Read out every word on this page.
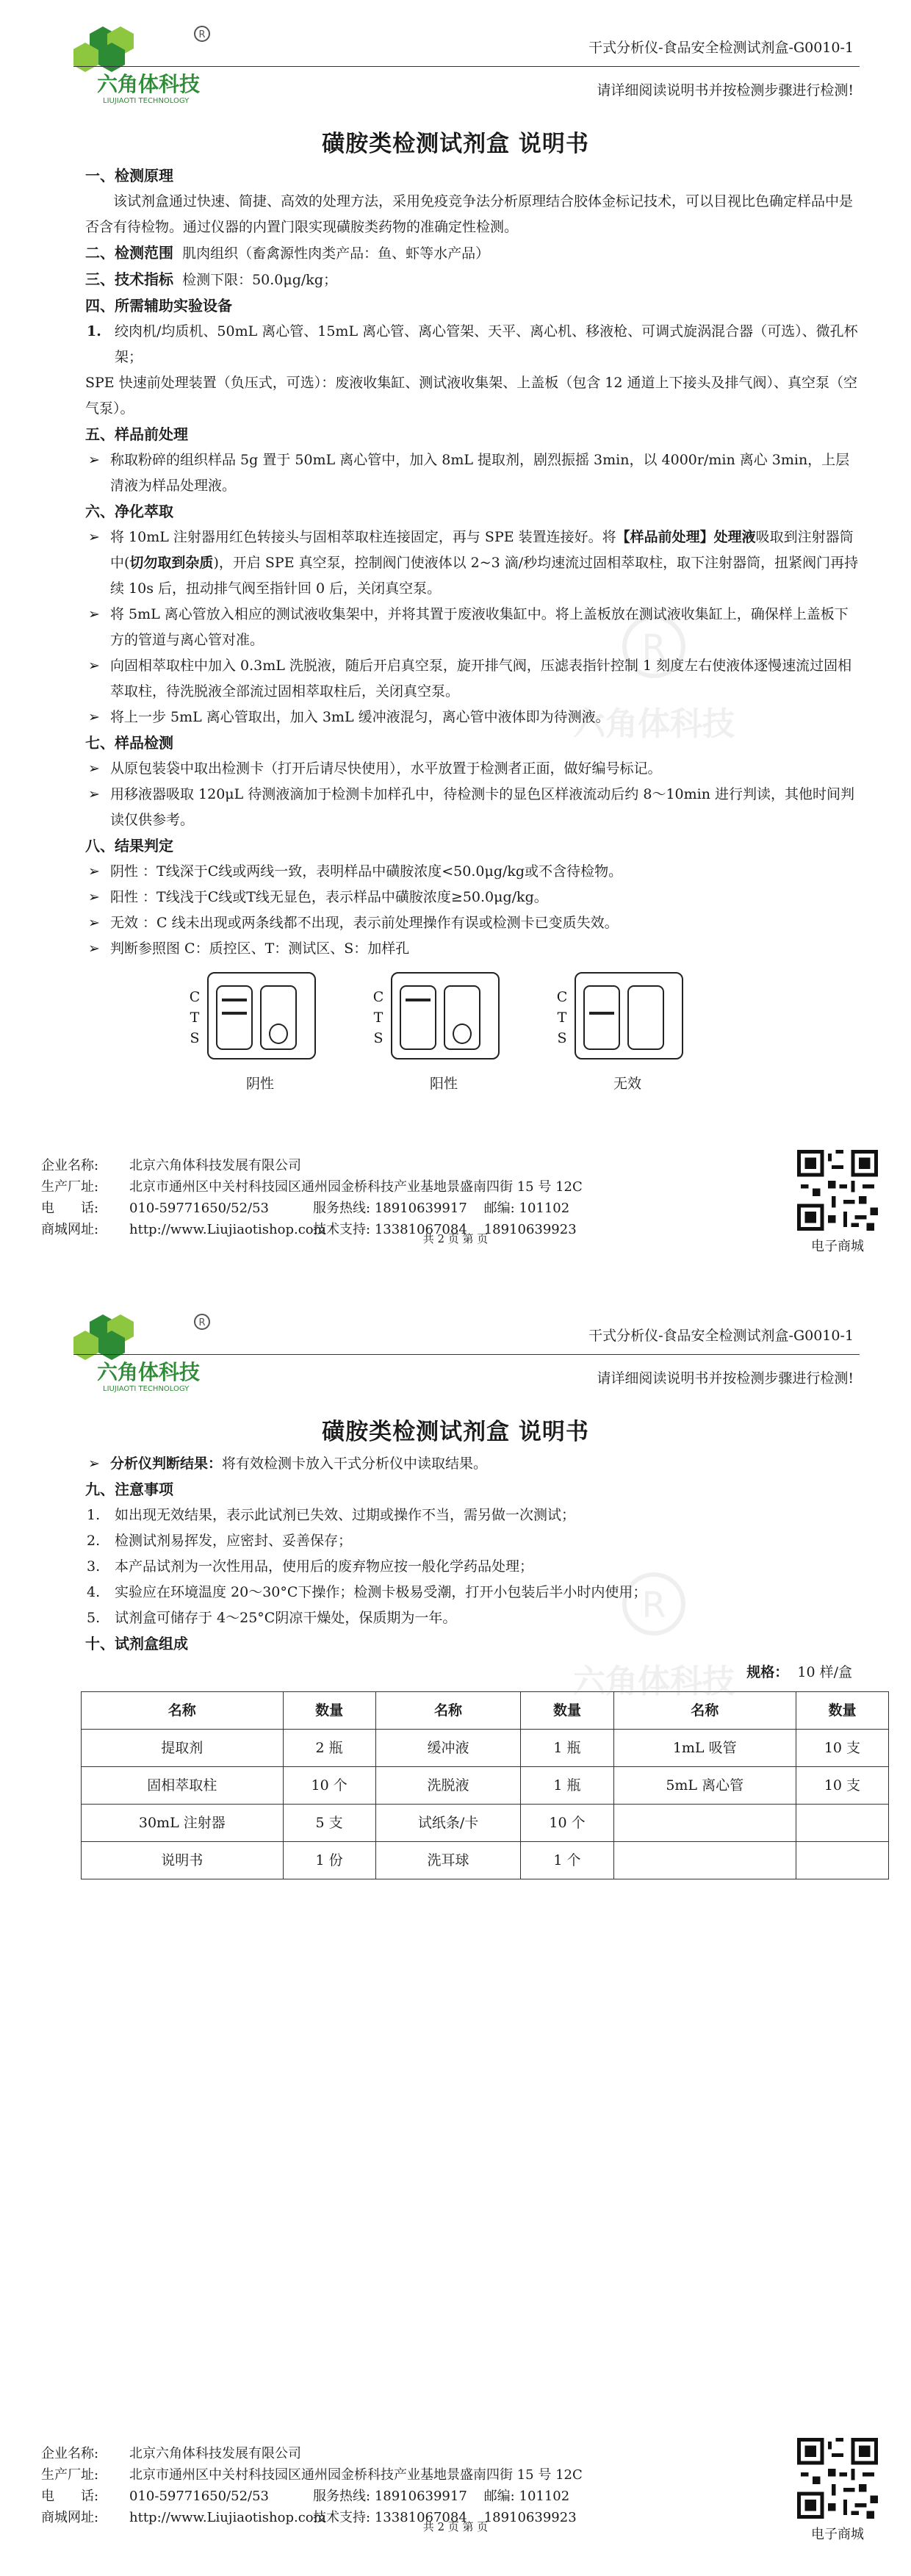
R
六角体科技
LIUJIAOTI TECHNOLOGY
干式分析仪-食品安全检测试剂盒-G0010-1
请详细阅读说明书并按检测步骤进行检测!
磺胺类检测试剂盒 说明书
R
六角体科技

一、检测原理

该试剂盒通过快速、简捷、高效的处理方法，采用免疫竞争法分析原理结合胶体金标记技术，可以目视比色确定样品中是否含有待检物。通过仪器的内置门限实现磺胺类药物的准确定性检测。

二、检测范围 肌肉组织（畜禽源性肉类产品：鱼、虾等水产品）

三、技术指标 检测下限：50.0μg/kg；

四、所需辅助实验设备

1. 绞肉机/均质机、50mL 离心管、15mL 离心管、离心管架、天平、离心机、移液枪、可调式旋涡混合器（可选）、微孔杯架；

SPE 快速前处理装置（负压式，可选）：废液收集缸、测试液收集架、上盖板（包含 12 通道上下接头及排气阀）、真空泵（空气泵）。

五、样品前处理

➢ 称取粉碎的组织样品 5g 置于 50mL 离心管中，加入 8mL 提取剂，剧烈振摇 3min，以 4000r/min 离心 3min，上层清液为样品处理液。

六、净化萃取

➢ 将 10mL 注射器用红色转接头与固相萃取柱连接固定，再与 SPE 装置连接好。将【样品前处理】处理液吸取到注射器筒中(切勿取到杂质)，开启 SPE 真空泵，控制阀门使液体以 2~3 滴/秒均速流过固相萃取柱，取下注射器筒，扭紧阀门再持续 10s 后，扭动排气阀至指针回 0 后，关闭真空泵。
➢ 将 5mL 离心管放入相应的测试液收集架中，并将其置于废液收集缸中。将上盖板放在测试液收集缸上，确保样上盖板下方的管道与离心管对准。
➢ 向固相萃取柱中加入 0.3mL 洗脱液，随后开启真空泵，旋开排气阀，压滤表指针控制 1 刻度左右使液体逐慢速流过固相萃取柱，待洗脱液全部流过固相萃取柱后，关闭真空泵。
➢ 将上一步 5mL 离心管取出，加入 3mL 缓冲液混匀，离心管中液体即为待测液。

七、样品检测

➢ 从原包装袋中取出检测卡（打开后请尽快使用），水平放置于检测者正面，做好编号标记。
➢ 用移液器吸取 120μL 待测液滴加于检测卡加样孔中，待检测卡的显色区样液流动后约 8～10min 进行判读，其他时间判读仅供参考。

八、结果判定

➢ 阴性 ：T线深于C线或两线一致，表明样品中磺胺浓度<50.0μg/kg或不含待检物。
➢ 阳性 ：T线浅于C线或T线无显色，表示样品中磺胺浓度≥50.0μg/kg。
➢ 无效 ：C 线未出现或两条线都不出现，表示前处理操作有误或检测卡已变质失效。
➢ 判断参照图 C：质控区、T：测试区、S：加样孔
C
T
S
阴性
C
T
S
阳性
C
T
S
无效
企业名称: 北京六角体科技发展有限公司
生产厂址: 北京市通州区中关村科技园区通州园金桥科技产业基地景盛南四街 15 号 12C
电　　话: 010-59771650/52/53	服务热线: 18910639917 邮编: 101102
商城网址: http://www.Liujiaotishop.com技术支持: 13381067084 18910639923
电子商城
共 2 页 第 页
R
六角体科技
LIUJIAOTI TECHNOLOGY
干式分析仪-食品安全检测试剂盒-G0010-1
请详细阅读说明书并按检测步骤进行检测!
磺胺类检测试剂盒 说明书
➢ 分析仪判断结果：将有效检测卡放入干式分析仪中读取结果。

九、注意事项

1. 如出现无效结果，表示此试剂已失效、过期或操作不当，需另做一次测试；
2. 检测试剂易挥发，应密封、妥善保存；
3. 本产品试剂为一次性用品，使用后的废弃物应按一般化学药品处理；
4. 实验应在环境温度 20～30°C下操作；检测卡极易受潮，打开小包装后半小时内使用；
5. 试剂盒可储存于 4～25°C阴凉干燥处，保质期为一年。

十、试剂盒组成

规格： 10 样/盒
名称	数量	名称	数量	名称	数量
提取剂	2 瓶	缓冲液	1 瓶	1mL 吸管	10 支
固相萃取柱	10 个	洗脱液	1 瓶	5mL 离心管	10 支
30mL 注射器	5 支	试纸条/卡	10 个		
说明书	1 份	洗耳球	1 个		
R
六角体科技
企业名称: 北京六角体科技发展有限公司
生产厂址: 北京市通州区中关村科技园区通州园金桥科技产业基地景盛南四街 15 号 12C
电　　话: 010-59771650/52/53	服务热线: 18910639917 邮编: 101102
商城网址: http://www.Liujiaotishop.com技术支持: 13381067084 18910639923
电子商城
共 2 页 第 页
